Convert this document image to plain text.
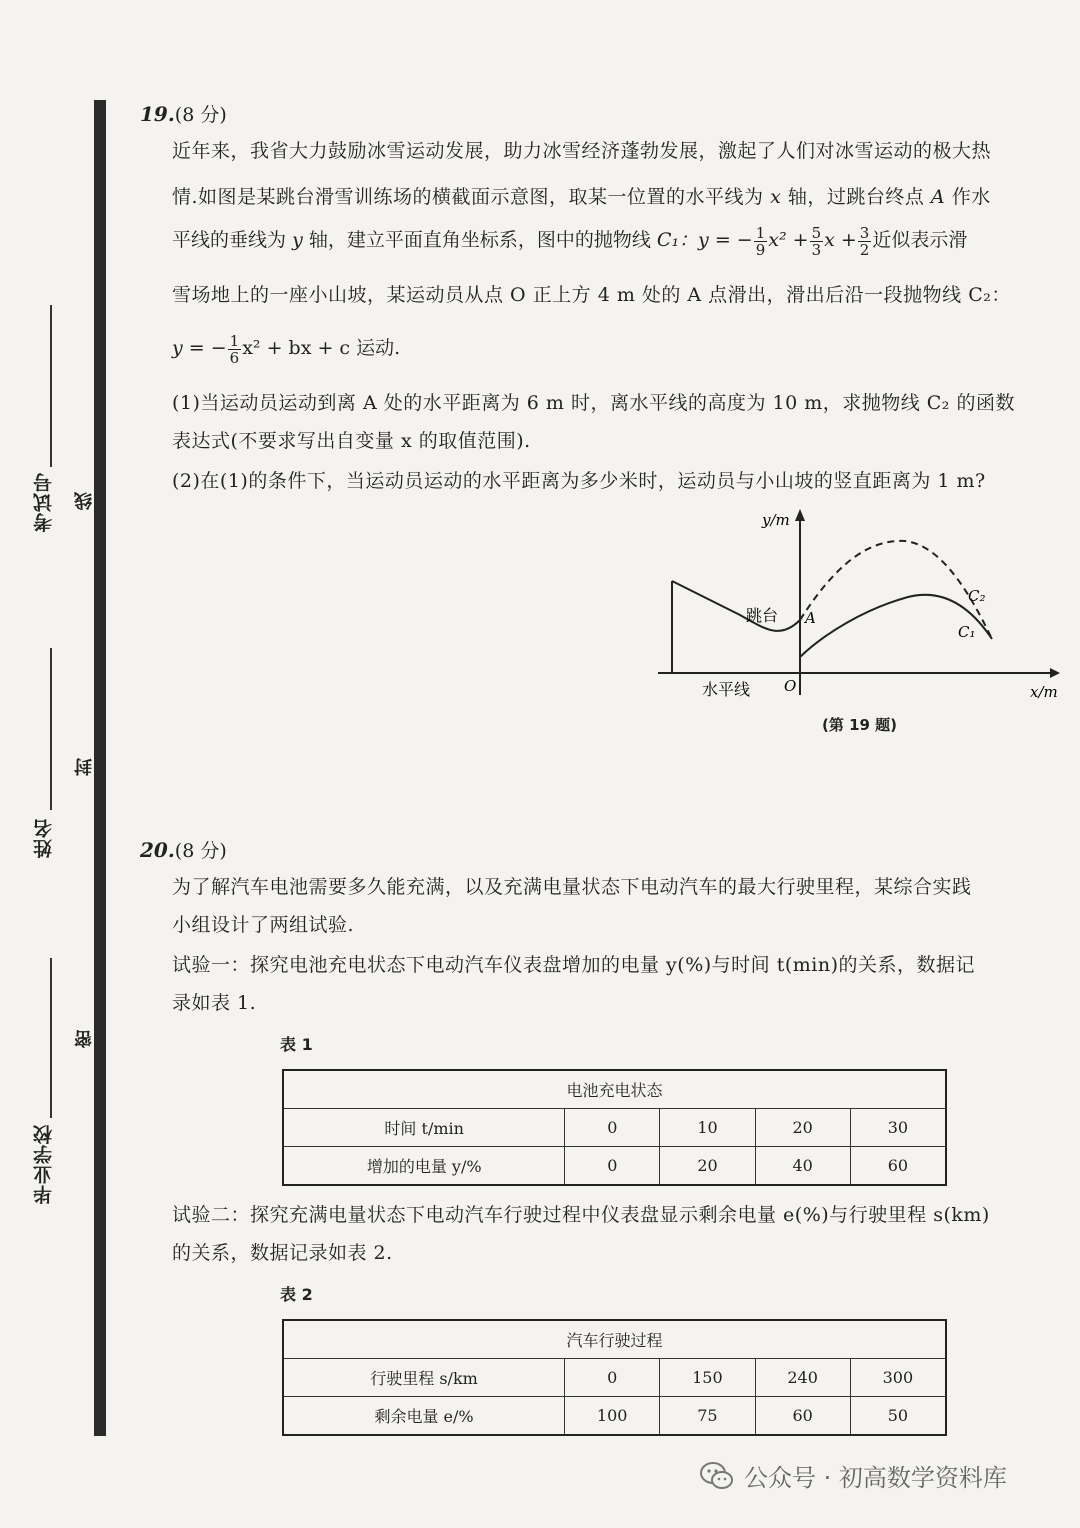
考试号
姓名
毕业学校
线
封
密
19.(8 分)
近年来，我省大力鼓励冰雪运动发展，助力冰雪经济蓬勃发展，激起了人们对冰雪运动的极大热
情.如图是某跳台滑雪训练场的横截面示意图，取某一位置的水平线为 x 轴，过跳台终点 A 作水
平线的垂线为 y 轴，建立平面直角坐标系，图中的抛物线 C₁：y = − $\frac{1}{9} x^2 + \frac{5}{3}$ $x + \frac{3}{2}$ 近似表示滑
雪场地上的一座小山坡，某运动员从点 O 正上方 4 m 处的 A 点滑出，滑出后沿一段抛物线 C₂：
y = − $\frac{1}{6} x^2$ + bx + c 运动.
(1)当运动员运动到离 A 处的水平距离为 6 m 时，离水平线的高度为 10 m，求抛物线 C₂ 的函数
表达式(不要求写出自变量 x 的取值范围).
(2)在(1)的条件下，当运动员运动的水平距离为多少米时，运动员与小山坡的竖直距离为 1 m?
y/m
x/m
O
A
跳台
水平线
C₂
C₁
(第 19 题)
20.(8 分)
为了解汽车电池需要多久能充满，以及充满电量状态下电动汽车的最大行驶里程，某综合实践
小组设计了两组试验.
试验一：探究电池充电状态下电动汽车仪表盘增加的电量 y(%)与时间 t(min)的关系，数据记
录如表 1.
表 1
电池充电状态				
时间 t/min	0	10	20	30
增加的电量 y/%	0	20	40	60
试验二：探究充满电量状态下电动汽车行驶过程中仪表盘显示剩余电量 e(%)与行驶里程 s(km)
的关系，数据记录如表 2.
表 2
汽车行驶过程				
行驶里程 s/km	0	150	240	300
剩余电量 e/%	100	75	60	50
公众号 · 初高数学资料库
